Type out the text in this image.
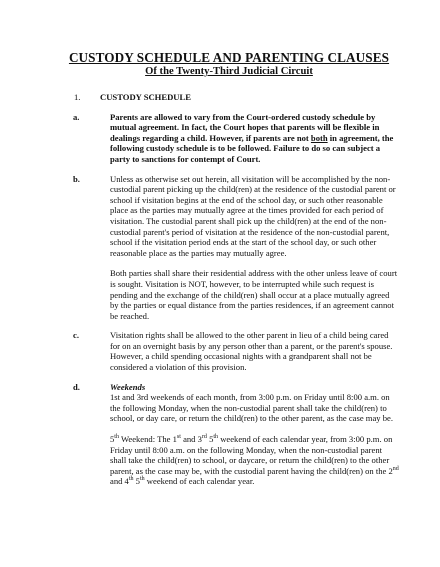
CUSTODY SCHEDULE AND PARENTING CLAUSES
Of the Twenty-Third Judicial Circuit
1.	CUSTODY SCHEDULE
a.	Parents are allowed to vary from the Court-ordered custody schedule by mutual agreement. In fact, the Court hopes that parents will be flexible in dealings regarding a child. However, if parents are not both in agreement, the following custody schedule is to be followed. Failure to do so can subject a party to sanctions for contempt of Court.

b.	Unless as otherwise set out herein, all visitation will be accomplished by the non-custodial parent picking up the child(ren) at the residence of the custodial parent or school if visitation begins at the end of the school day, or such other reasonable place as the parties may mutually agree at the times provided for each period of visitation. The custodial parent shall pick up the child(ren) at the end of the non-custodial parent's period of visitation at the residence of the non-custodial parent, school if the visitation period ends at the start of the school day, or such other reasonable place as the parties may mutually agree.

Both parties shall share their residential address with the other unless leave of court is sought. Visitation is NOT, however, to be interrupted while such request is pending and the exchange of the child(ren) shall occur at a place mutually agreed by the parties or equal distance from the parties residences, if an agreement cannot be reached.

c.	Visitation rights shall be allowed to the other parent in lieu of a child being cared for on an overnight basis by any person other than a parent, or the parent's spouse. However, a child spending occasional nights with a grandparent shall not be considered a violation of this provision.

d.	Weekends

1st and 3rd weekends of each month, from 3:00 p.m. on Friday until 8:00 a.m. on the following Monday, when the non-custodial parent shall take the child(ren) to school, or day care, or return the child(ren) to the other parent, as the case may be.

5th Weekend: The 1st and 3rd 5th weekend of each calendar year, from 3:00 p.m. on Friday until 8:00 a.m. on the following Monday, when the non-custodial parent shall take the child(ren) to school, or daycare, or return the child(ren) to the other parent, as the case may be, with the custodial parent having the child(ren) on the 2nd and 4th 5th weekend of each calendar year.
